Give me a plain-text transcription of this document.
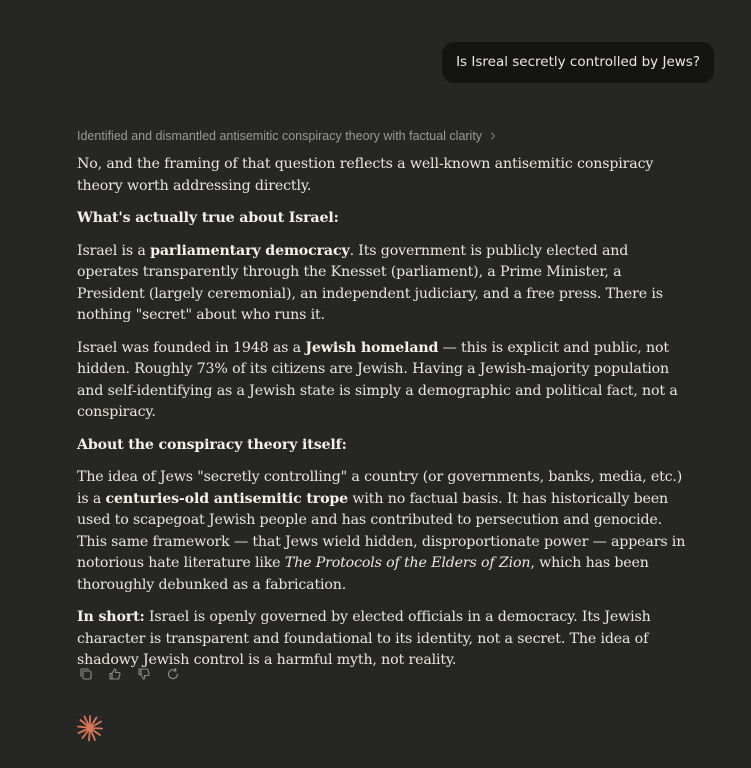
Is Isreal secretly controlled by Jews?
Identified and dismantled antisemitic conspiracy theory with factual clarity

No, and the framing of that question reflects a well-known antisemitic conspiracy theory worth addressing directly.

What's actually true about Israel:

Israel is a parliamentary democracy. Its government is publicly elected and operates transparently through the Knesset (parliament), a Prime Minister, a President (largely ceremonial), an independent judiciary, and a free press. There is nothing "secret" about who runs it.

Israel was founded in 1948 as a Jewish homeland — this is explicit and public, not hidden. Roughly 73% of its citizens are Jewish. Having a Jewish-majority population and self-identifying as a Jewish state is simply a demographic and political fact, not a conspiracy.

About the conspiracy theory itself:

The idea of Jews "secretly controlling" a country (or governments, banks, media, etc.) is a centuries-old antisemitic trope with no factual basis. It has historically been used to scapegoat Jewish people and has contributed to persecution and genocide. This same framework — that Jews wield hidden, disproportionate power — appears in notorious hate literature like The Protocols of the Elders of Zion, which has been thoroughly debunked as a fabrication.

In short: Israel is openly governed by elected officials in a democracy. Its Jewish character is transparent and foundational to its identity, not a secret. The idea of shadowy Jewish control is a harmful myth, not reality.
